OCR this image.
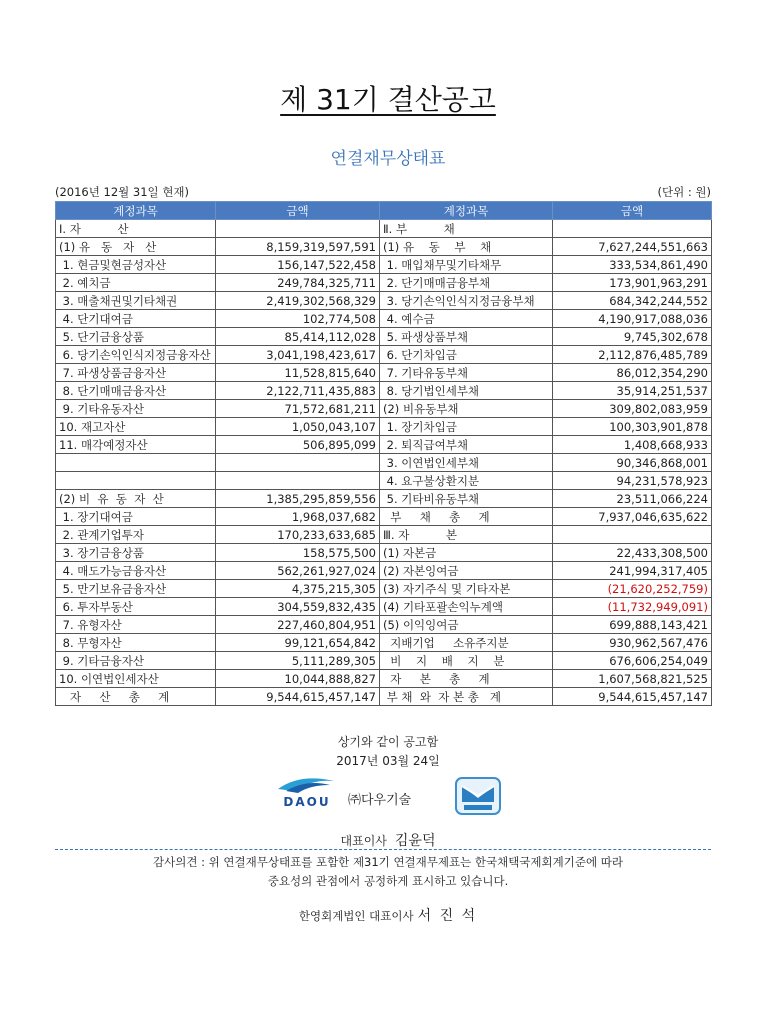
제 31기 결산공고
연결재무상태표
(2016년 12월 31일 현재)	(단위 : 원)
계정과목	금액	계정과목	금액
Ⅰ. 자          산		Ⅱ. 부          채	
(1) 유   동   자   산	8,159,319,597,591	(1) 유    동    부    채	7,627,244,551,663
1. 현금및현금성자산	156,147,522,458	1. 매입채무및기타채무	333,534,861,490
2. 예치금	249,784,325,711	2. 단기매매금융부채	173,901,963,291
3. 매출채권및기타채권	2,419,302,568,329	3. 당기손익인식지정금융부채	684,342,244,552
4. 단기대여금	102,774,508	4. 예수금	4,190,917,088,036
5. 단기금융상품	85,414,112,028	5. 파생상품부채	9,745,302,678
6. 당기손익인식지정금융자산	3,041,198,423,617	6. 단기차입금	2,112,876,485,789
7. 파생상품금융자산	11,528,815,640	7. 기타유동부채	86,012,354,290
8. 단기매매금융자산	2,122,711,435,883	8. 당기법인세부채	35,914,251,537
9. 기타유동자산	71,572,681,211	(2) 비유동부채	309,802,083,959
10. 재고자산	1,050,043,107	1. 장기차입금	100,303,901,878
11. 매각예정자산	506,895,099	2. 퇴직급여부채	1,408,668,933
		3. 이연법인세부채	90,346,868,001
		4. 요구불상환지분	94,231,578,923
(2) 비  유  동  자  산	1,385,295,859,556	5. 기타비유동부채	23,511,066,224
1. 장기대여금	1,968,037,682	부     채     총     계	7,937,046,635,622
2. 관계기업투자	170,233,633,685	Ⅲ. 자          본	
3. 장기금융상품	158,575,500	(1) 자본금	22,433,308,500
4. 매도가능금융자산	562,261,927,024	(2) 자본잉여금	241,994,317,405
5. 만기보유금융자산	4,375,215,305	(3) 자기주식 및 기타자본	(21,620,252,759)
6. 투자부동산	304,559,832,435	(4) 기타포괄손익누계액	(11,732,949,091)
7. 유형자산	227,460,804,951	(5) 이익잉여금	699,888,143,421
8. 무형자산	99,121,654,842	지배기업     소유주지분	930,962,567,476
9. 기타금융자산	5,111,289,305	비    지    배    지    분	676,606,254,049
10. 이연법인세자산	10,044,888,827	자     본     총     계	1,607,568,821,525
자     산     총     계	9,544,615,457,147	부 채  와  자 본 총   계	9,544,615,457,147
상기와 같이 공고함
2017년 03월 24일
DAOU ㈜다우기술
대표이사 김윤덕
감사의견 : 위 연결재무상태표를 포함한 제31기 연결재무제표는 한국채택국제회계기준에 따라
중요성의 관점에서 공정하게 표시하고 있습니다.
한영회계법인 대표이사 서 진 석
